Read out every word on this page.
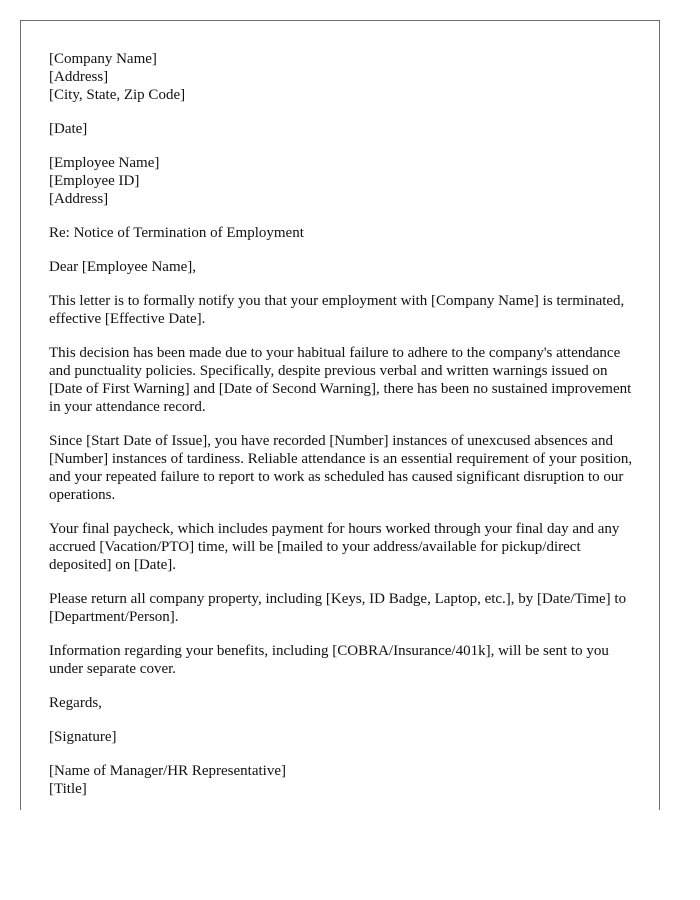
[Company Name]
[Address]
[City, State, Zip Code]
[Date]
[Employee Name]
[Employee ID]
[Address]

Re: Notice of Termination of Employment

Dear [Employee Name],

This letter is to formally notify you that your employment with [Company Name] is terminated, effective [Effective Date].

This decision has been made due to your habitual failure to adhere to the company's attendance and punctuality policies. Specifically, despite previous verbal and written warnings issued on [Date of First Warning] and [Date of Second Warning], there has been no sustained improvement in your attendance record.

Since [Start Date of Issue], you have recorded [Number] instances of unexcused absences and [Number] instances of tardiness. Reliable attendance is an essential requirement of your position, and your repeated failure to report to work as scheduled has caused significant disruption to our operations.

Your final paycheck, which includes payment for hours worked through your final day and any accrued [Vacation/PTO] time, will be [mailed to your address/available for pickup/direct deposited] on [Date].

Please return all company property, including [Keys, ID Badge, Laptop, etc.], by [Date/Time] to [Department/Person].

Information regarding your benefits, including [COBRA/Insurance/401k], will be sent to you under separate cover.

Regards,

[Signature]

[Name of Manager/HR Representative]
[Title]
